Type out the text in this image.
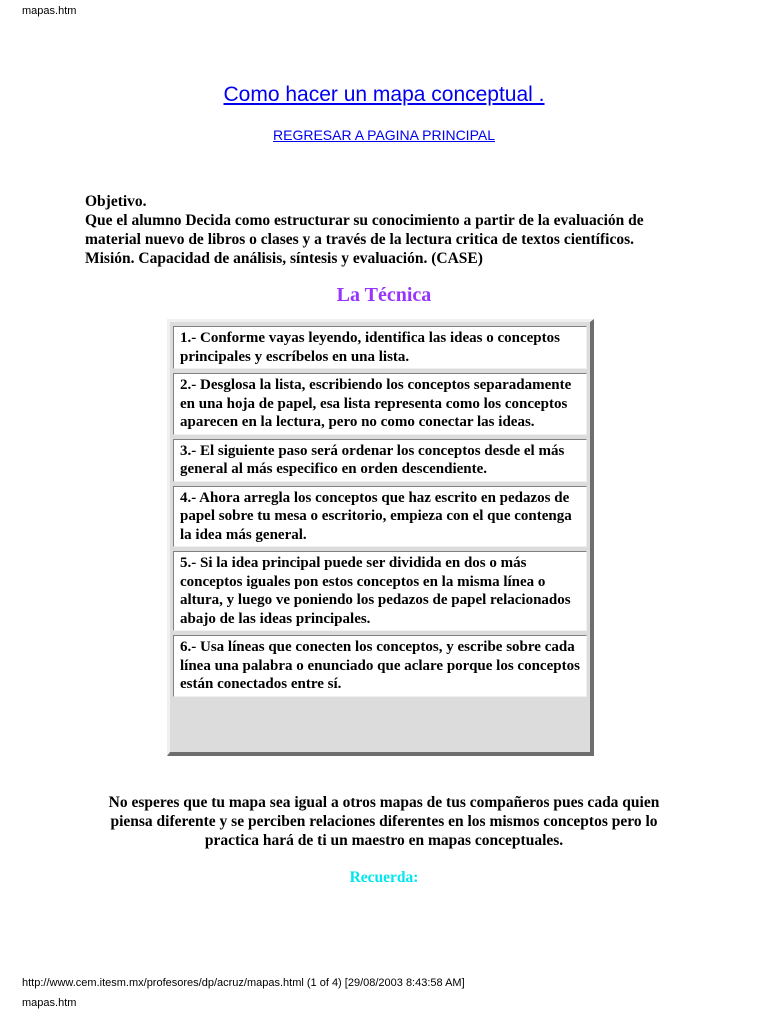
mapas.htm
Como hacer un mapa conceptual .
REGRESAR A PAGINA PRINCIPAL
Objetivo.
Que el alumno Decida como estructurar su conocimiento a partir de la evaluación de
material nuevo de libros o clases y a través de la lectura critica de textos científicos.
Misión. Capacidad de análisis, síntesis y evaluación. (CASE)
La Técnica
1.- Conforme vayas leyendo, identifica las ideas o conceptos principales y escríbelos en una lista.
2.- Desglosa la lista, escribiendo los conceptos separadamente en una hoja de papel, esa lista representa como los conceptos aparecen en la lectura, pero no como conectar las ideas.
3.- El siguiente paso será ordenar los conceptos desde el más general al más especifico en orden descendiente.
4.- Ahora arregla los conceptos que haz escrito en pedazos de papel sobre tu mesa o escritorio, empieza con el que contenga la idea más general.
5.- Si la idea principal puede ser dividida en dos o más conceptos iguales pon estos conceptos en la misma línea o altura, y luego ve poniendo los pedazos de papel relacionados abajo de las ideas principales.
6.- Usa líneas que conecten los conceptos, y escribe sobre cada línea una palabra o enunciado que aclare porque los conceptos están conectados entre sí.
No esperes que tu mapa sea igual a otros mapas de tus compañeros pues cada quien
piensa diferente y se perciben relaciones diferentes en los mismos conceptos pero lo
practica hará de ti un maestro en mapas conceptuales.
Recuerda:
http://www.cem.itesm.mx/profesores/dp/acruz/mapas.html (1 of 4) [29/08/2003 8:43:58 AM]
mapas.htm
